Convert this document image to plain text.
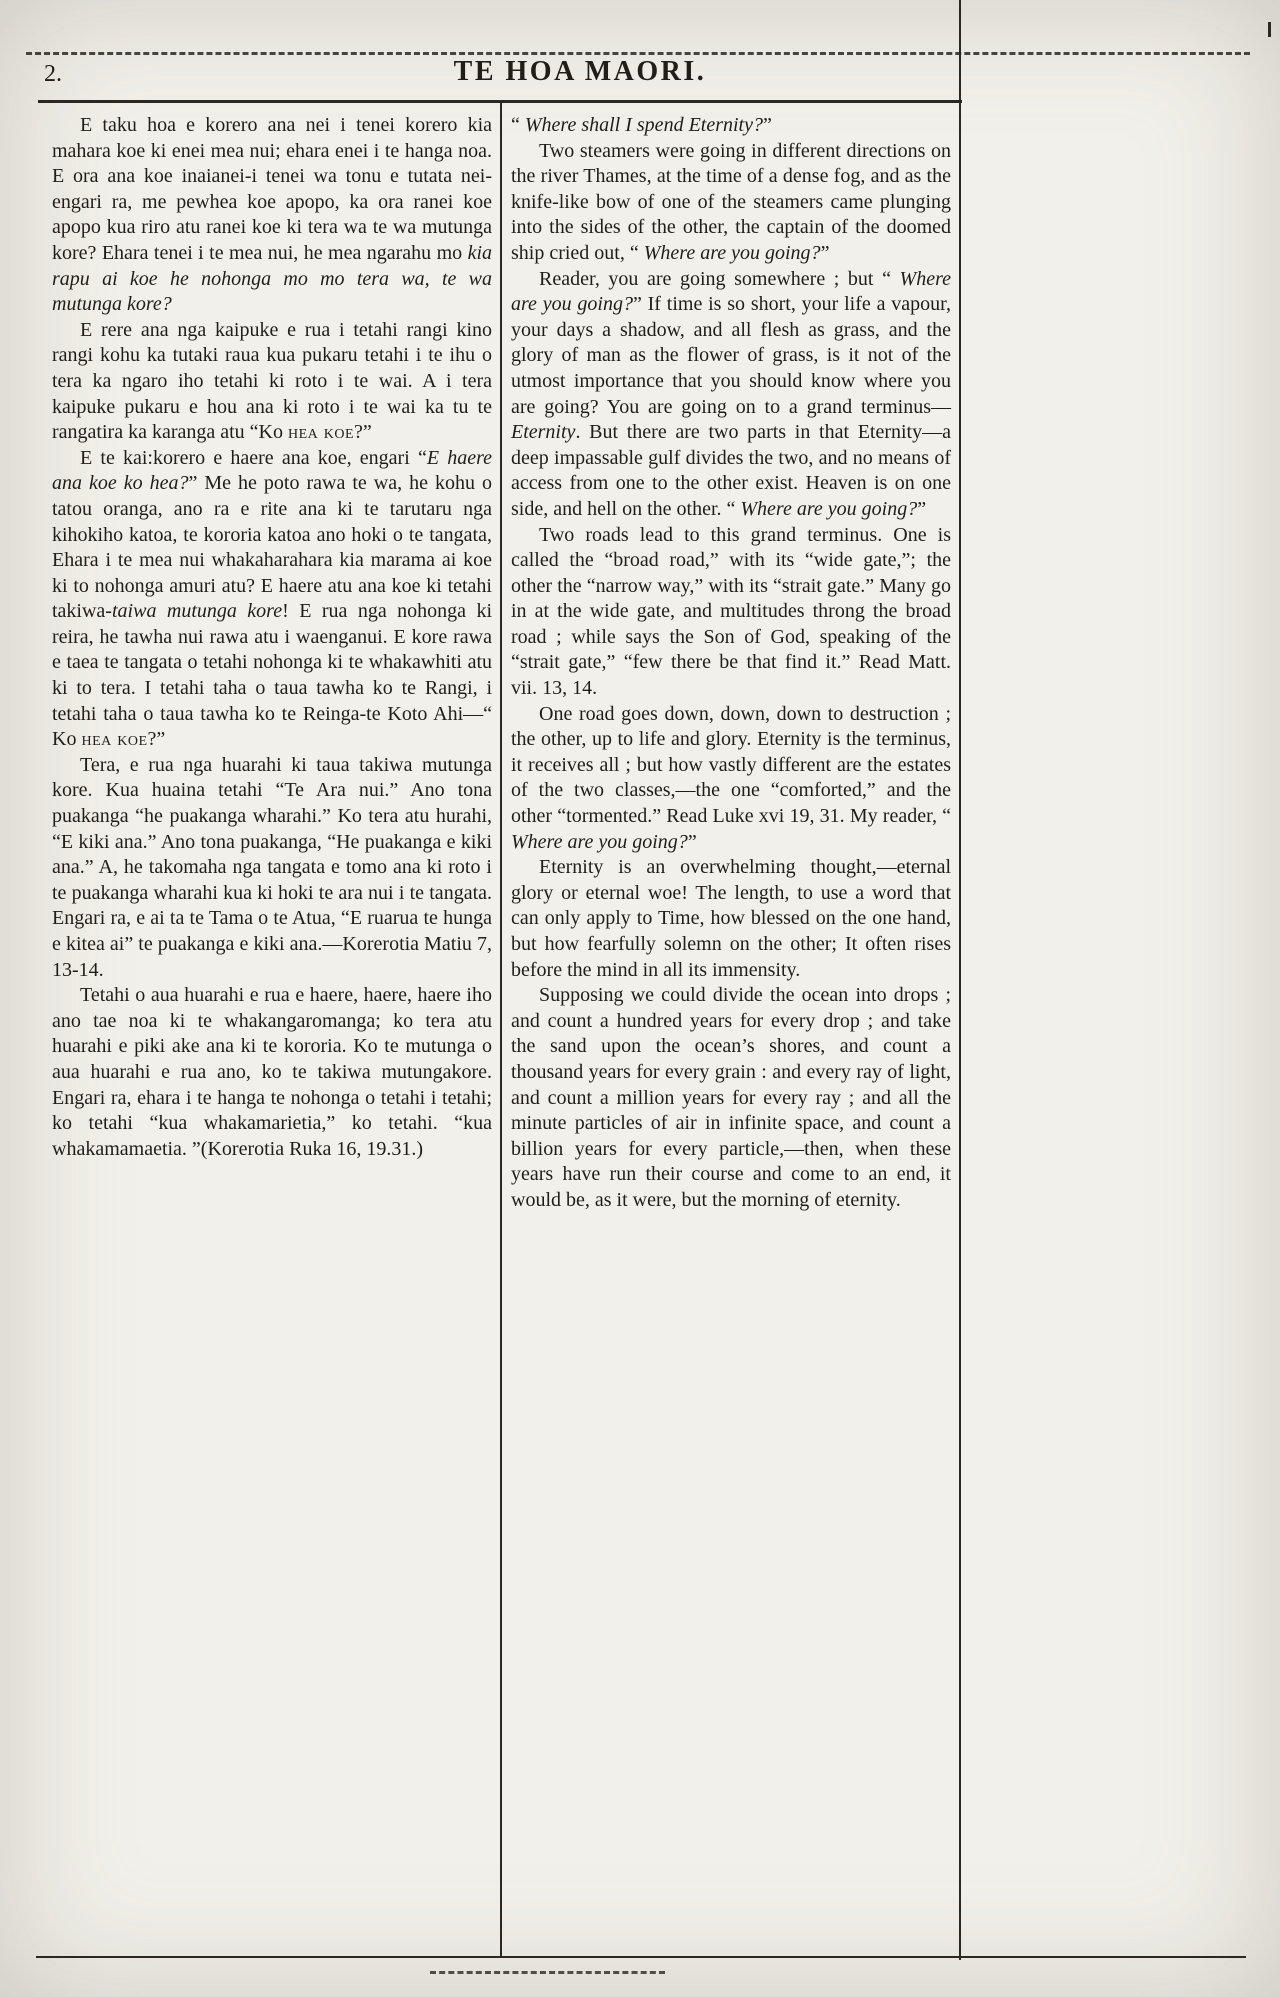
2.	TE HOA MAORI.

E taku hoa e korero ana nei i tenei korero kia mahara koe ki enei mea nui; ehara enei i te hanga noa. E ora ana koe inaianei-i tenei wa tonu e tutata nei-engari ra, me pewhea koe apopo, ka ora ranei koe apopo kua riro atu ranei koe ki tera wa te wa mutunga kore? Ehara tenei i te mea nui, he mea ngarahu mo kia rapu ai koe he nohonga mo mo tera wa, te wa mutunga kore?

E rere ana nga kaipuke e rua i tetahi rangi kino rangi kohu ka tutaki raua kua pukaru tetahi i te ihu o tera ka ngaro iho tetahi ki roto i te wai. A i tera kaipuke pukaru e hou ana ki roto i te wai ka tu te rangatira ka karanga atu “Ko hea koe?”

E te kai:korero e haere ana koe, engari “E haere ana koe ko hea?” Me he poto rawa te wa, he kohu o tatou oranga, ano ra e rite ana ki te tarutaru nga kihokiho katoa, te kororia katoa ano hoki o te tangata, Ehara i te mea nui whakaharahara kia marama ai koe ki to nohonga amuri atu? E haere atu ana koe ki tetahi takiwa-taiwa mutunga kore! E rua nga nohonga ki reira, he tawha nui rawa atu i waenganui. E kore rawa e taea te tangata o tetahi nohonga ki te whakawhiti atu ki to tera. I tetahi taha o taua tawha ko te Rangi, i tetahi taha o taua tawha ko te Reinga-te Koto Ahi—“ Ko hea koe?”

Tera, e rua nga huarahi ki taua takiwa mutunga kore. Kua huaina tetahi “Te Ara nui.” Ano tona puakanga “he puakanga wharahi.” Ko tera atu hurahi, “E kiki ana.” Ano tona puakanga, “He puakanga e kiki ana.” A, he takomaha nga tangata e tomo ana ki roto i te puakanga wharahi kua ki hoki te ara nui i te tangata. Engari ra, e ai ta te Tama o te Atua, “E ruarua te hunga e kitea ai” te puakanga e kiki ana.—Korerotia Matiu 7, 13-14.

Tetahi o aua huarahi e rua e haere, haere, haere iho ano tae noa ki te whakangaromanga; ko tera atu huarahi e piki ake ana ki te kororia. Ko te mutunga o aua huarahi e rua ano, ko te takiwa mutungakore. Engari ra, ehara i te hanga te nohonga o tetahi i tetahi; ko tetahi “kua whakamarietia,” ko tetahi. “kua whakamamaetia. ”(Korerotia Ruka 16, 19.31.)

“ Where shall I spend Eternity?”

Two steamers were going in different directions on the river Thames, at the time of a dense fog, and as the knife-like bow of one of the steamers came plunging into the sides of the other, the captain of the doomed ship cried out, “ Where are you going?”

Reader, you are going somewhere ; but “ Where are you going?” If time is so short, your life a vapour, your days a shadow, and all flesh as grass, and the glory of man as the flower of grass, is it not of the utmost importance that you should know where you are going? You are going on to a grand terminus—Eternity. But there are two parts in that Eternity—a deep impassable gulf divides the two, and no means of access from one to the other exist. Heaven is on one side, and hell on the other. “ Where are you going?”

Two roads lead to this grand terminus. One is called the “broad road,” with its “wide gate,”; the other the “narrow way,” with its “strait gate.” Many go in at the wide gate, and multitudes throng the broad road ; while says the Son of God, speaking of the “strait gate,” “few there be that find it.” Read Matt. vii. 13, 14.

One road goes down, down, down to destruction ; the other, up to life and glory. Eternity is the terminus, it receives all ; but how vastly different are the estates of the two classes,—the one “comforted,” and the other “tormented.” Read Luke xvi 19, 31. My reader, “ Where are you going?”

Eternity is an overwhelming thought,—eternal glory or eternal woe! The length, to use a word that can only apply to Time, how blessed on the one hand, but how fearfully solemn on the other; It often rises before the mind in all its immensity.

Supposing we could divide the ocean into drops ; and count a hundred years for every drop ; and take the sand upon the ocean’s shores, and count a thousand years for every grain : and every ray of light, and count a million years for every ray ; and all the minute particles of air in infinite space, and count a billion years for every particle,—then, when these years have run their course and come to an end, it would be, as it were, but the morning of eternity.
